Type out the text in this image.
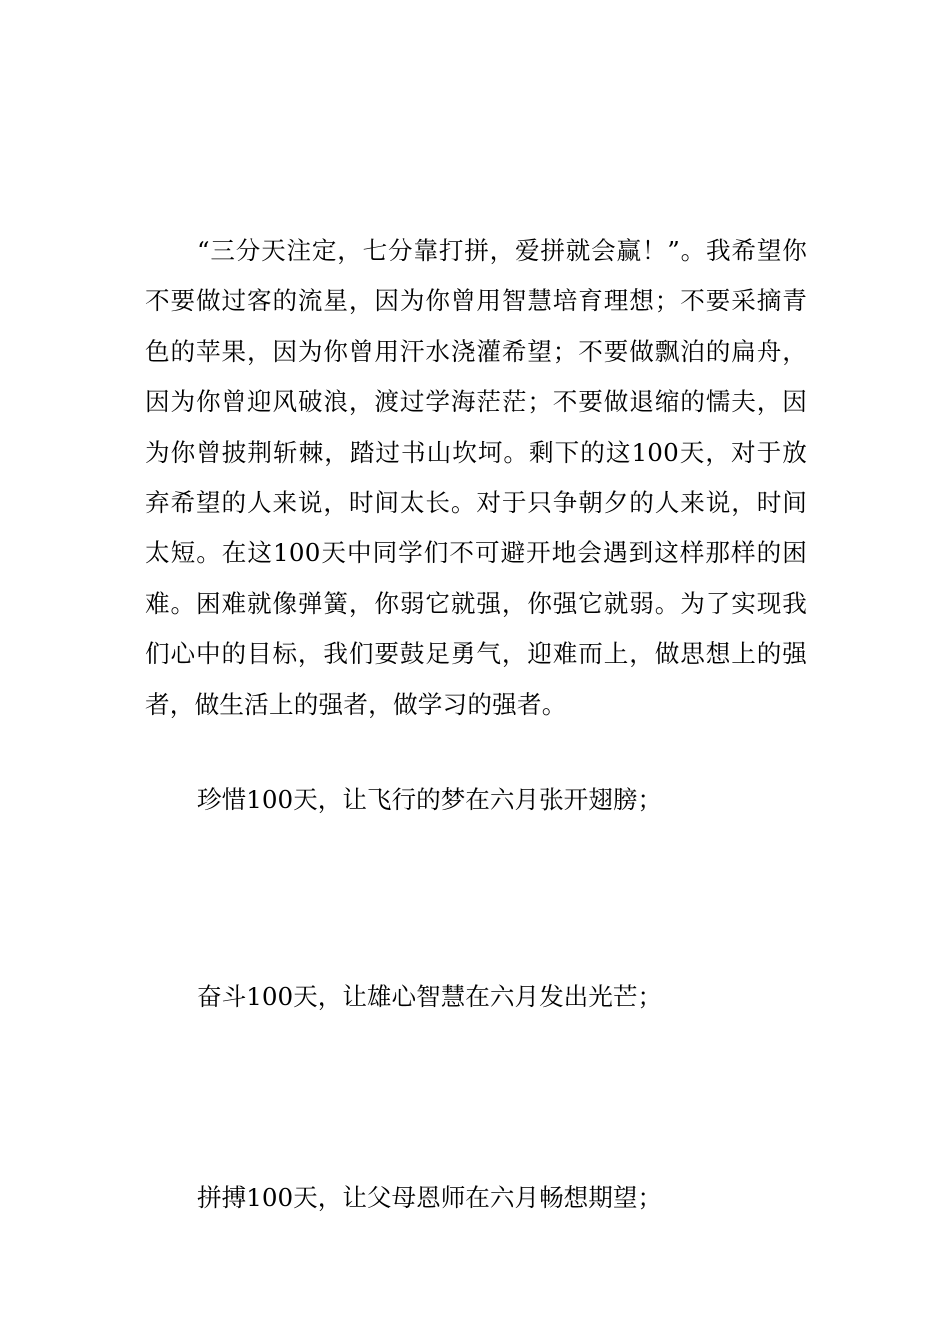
“三分天注定，七分靠打拼，爱拼就会赢！”。我希望你不要做过客的流星，因为你曾用智慧培育理想；不要采摘青色的苹果，因为你曾用汗水浇灌希望；不要做飘泊的扁舟，因为你曾迎风破浪，渡过学海茫茫；不要做退缩的懦夫，因为你曾披荆斩棘，踏过书山坎坷。剩下的这100天，对于放弃希望的人来说，时间太长。对于只争朝夕的人来说，时间太短。在这100天中同学们不可避开地会遇到这样那样的困难。困难就像弹簧，你弱它就强，你强它就弱。为了实现我们心中的目标，我们要鼓足勇气，迎难而上，做思想上的强者，做生活上的强者，做学习的强者。

珍惜100天，让飞行的梦在六月张开翅膀；

奋斗100天，让雄心智慧在六月发出光芒；

拼搏100天，让父母恩师在六月畅想期望；
